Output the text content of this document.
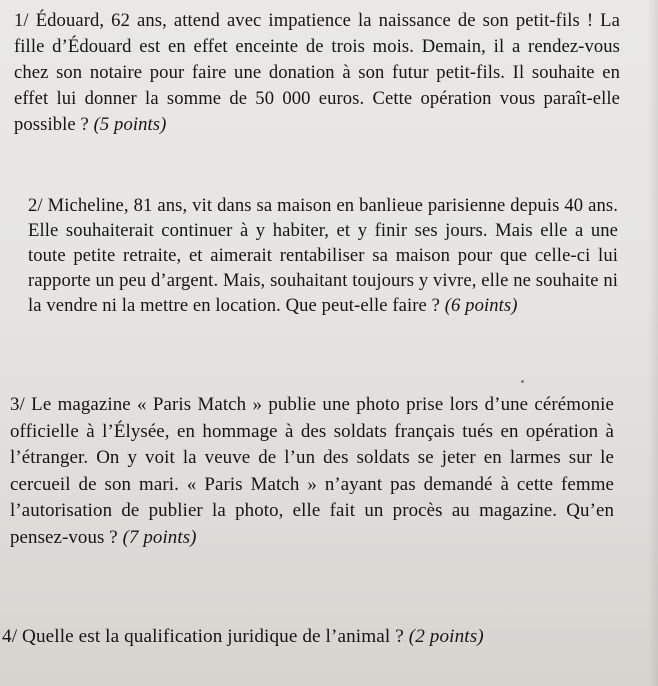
1/ Édouard, 62 ans, attend avec impatience la naissance de son petit-fils ! La fille d’Édouard est en effet enceinte de trois mois. Demain, il a rendez-vous chez son notaire pour faire une donation à son futur petit-fils. Il souhaite en effet lui donner la somme de 50 000 euros. Cette opération vous paraît-elle possible ? (5 points)

2/ Micheline, 81 ans, vit dans sa maison en banlieue parisienne depuis 40 ans. Elle souhaiterait continuer à y habiter, et y finir ses jours. Mais elle a une toute petite retraite, et aimerait rentabiliser sa maison pour que celle-ci lui rapporte un peu d’argent. Mais, souhaitant toujours y vivre, elle ne souhaite ni la vendre ni la mettre en location. Que peut-elle faire ? (6 points)

3/ Le magazine « Paris Match » publie une photo prise lors d’une cérémonie officielle à l’Élysée, en hommage à des soldats français tués en opération à l’étranger. On y voit la veuve de l’un des soldats se jeter en larmes sur le cercueil de son mari. « Paris Match » n’ayant pas demandé à cette femme l’autorisation de publier la photo, elle fait un procès au magazine. Qu’en pensez-vous ? (7 points)

4/ Quelle est la qualification juridique de l’animal ? (2 points)
